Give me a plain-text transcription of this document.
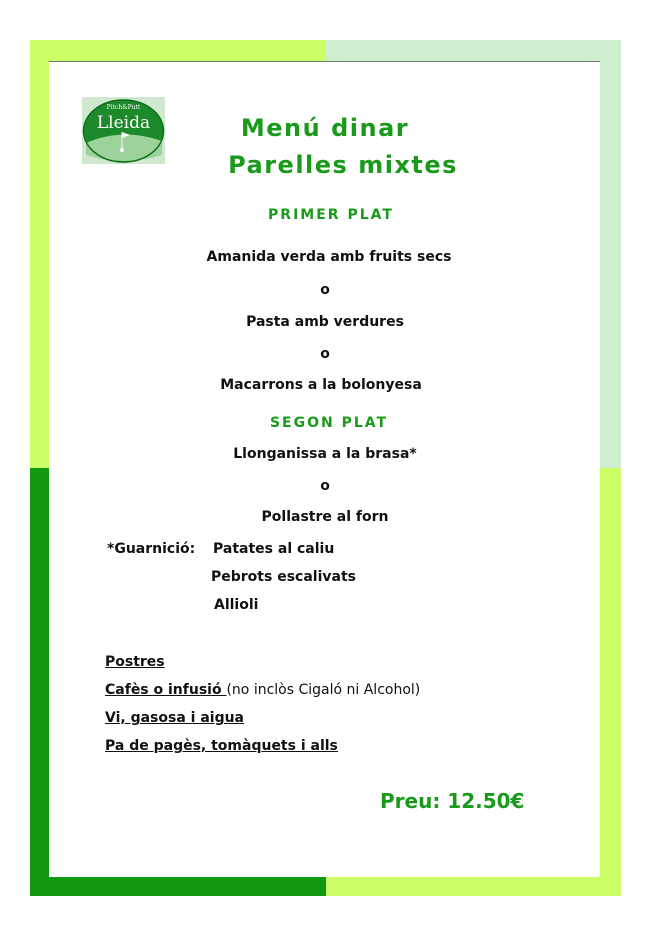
Pitch&Putt
Lleida	Menú dinar
Parelles mixtes
PRIMER PLAT
Amanida verda amb fruits secs
o
Pasta amb verdures
o
Macarrons a la bolonyesa
SEGON PLAT
Llonganissa a la brasa*
o
Pollastre al forn
*Guarnició: Patates al caliu
Pebrots escalivats
Allioli
Postres
Cafès o infusió (no inclòs Cigaló ni Alcohol)
Vi, gasosa i aigua
Pa de pagès, tomàquets i alls
Preu: 12.50€
